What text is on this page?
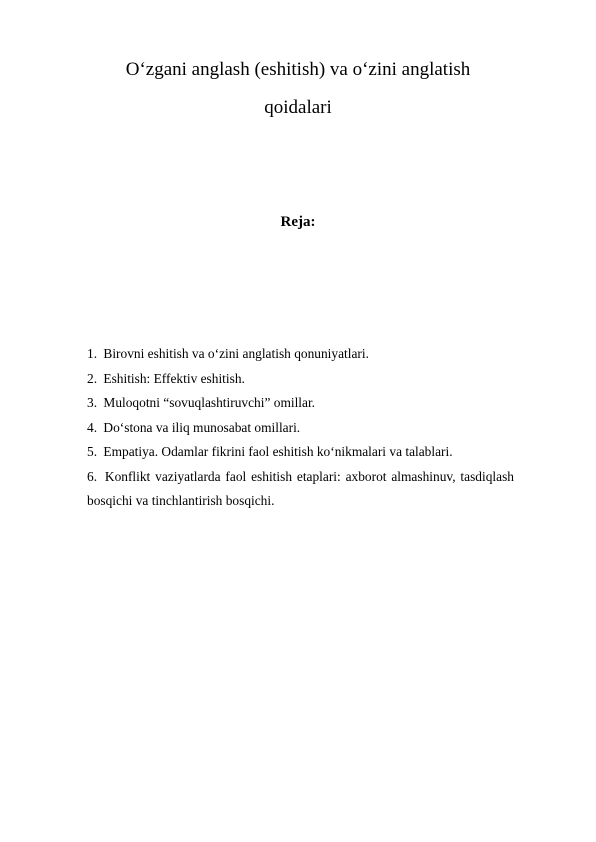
O‘zgani anglash (eshitish) va o‘zini anglatish
qoidalari
Reja:
1. Birovni eshitish va o‘zini anglatish qonuniyatlari.
2. Eshitish: Effektiv eshitish.
3. Muloqotni “sovuqlashtiruvchi” omillar.
4. Do‘stona va iliq munosabat omillari.
5. Empatiya. Odamlar fikrini faol eshitish ko‘nikmalari va talablari.
6. Konflikt vaziyatlarda faol eshitish etaplari: axborot almashinuv, tasdiqlash bosqichi va tinchlantirish bosqichi.
